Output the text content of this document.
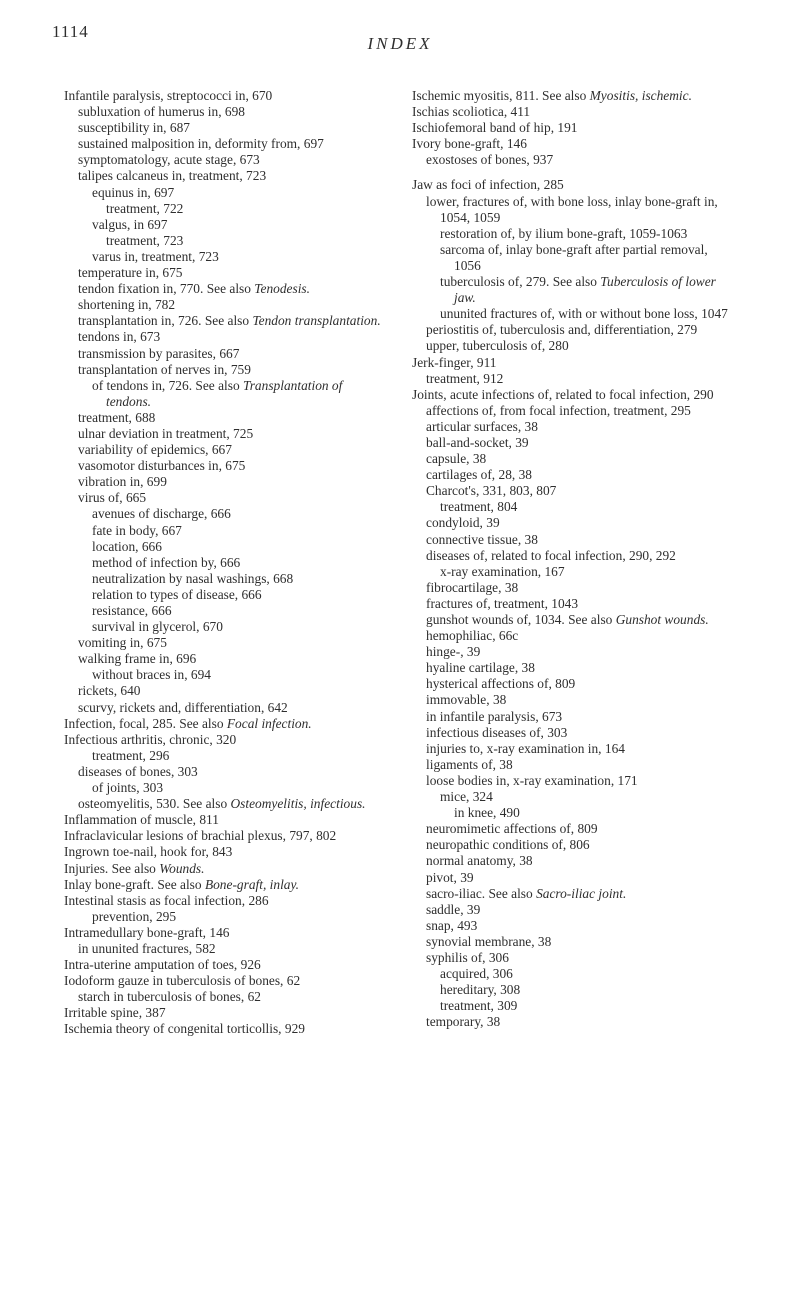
1114
INDEX

Infantile paralysis, streptococci in, 670

subluxation of humerus in, 698

susceptibility in, 687

sustained malposition in, deformity from, 697

symptomatology, acute stage, 673

talipes calcaneus in, treatment, 723

equinus in, 697

treatment, 722

valgus, in 697

treatment, 723

varus in, treatment, 723

temperature in, 675

tendon fixation in, 770. See also Tenodesis.

shortening in, 782

transplantation in, 726. See also Tendon transplantation.

tendons in, 673

transmission by parasites, 667

transplantation of nerves in, 759

of tendons in, 726. See also Transplantation of tendons.

treatment, 688

ulnar deviation in treatment, 725

variability of epidemics, 667

vasomotor disturbances in, 675

vibration in, 699

virus of, 665

avenues of discharge, 666

fate in body, 667

location, 666

method of infection by, 666

neutralization by nasal washings, 668

relation to types of disease, 666

resistance, 666

survival in glycerol, 670

vomiting in, 675

walking frame in, 696

without braces in, 694

rickets, 640

scurvy, rickets and, differentiation, 642

Infection, focal, 285. See also Focal infection.

Infectious arthritis, chronic, 320

treatment, 296

diseases of bones, 303

of joints, 303

osteomyelitis, 530. See also Osteomyelitis, infectious.

Inflammation of muscle, 811

Infraclavicular lesions of brachial plexus, 797, 802

Ingrown toe-nail, hook for, 843

Injuries. See also Wounds.

Inlay bone-graft. See also Bone-graft, inlay.

Intestinal stasis as focal infection, 286

prevention, 295

Intramedullary bone-graft, 146

in ununited fractures, 582

Intra-uterine amputation of toes, 926

Iodoform gauze in tuberculosis of bones, 62

starch in tuberculosis of bones, 62

Irritable spine, 387

Ischemia theory of congenital torticollis, 929

Ischemic myositis, 811. See also Myositis, ischemic.

Ischias scoliotica, 411

Ischiofemoral band of hip, 191

Ivory bone-graft, 146

exostoses of bones, 937

Jaw as foci of infection, 285

lower, fractures of, with bone loss, inlay bone-graft in, 1054, 1059

restoration of, by ilium bone-graft, 1059-1063

sarcoma of, inlay bone-graft after partial removal, 1056

tuberculosis of, 279. See also Tuberculosis of lower jaw.

ununited fractures of, with or without bone loss, 1047

periostitis of, tuberculosis and, differentiation, 279

upper, tuberculosis of, 280

Jerk-finger, 911

treatment, 912

Joints, acute infections of, related to focal infection, 290

affections of, from focal infection, treatment, 295

articular surfaces, 38

ball-and-socket, 39

capsule, 38

cartilages of, 28, 38

Charcot's, 331, 803, 807

treatment, 804

condyloid, 39

connective tissue, 38

diseases of, related to focal infection, 290, 292

x-ray examination, 167

fibrocartilage, 38

fractures of, treatment, 1043

gunshot wounds of, 1034. See also Gunshot wounds.

hemophiliac, 66c

hinge-, 39

hyaline cartilage, 38

hysterical affections of, 809

immovable, 38

in infantile paralysis, 673

infectious diseases of, 303

injuries to, x-ray examination in, 164

ligaments of, 38

loose bodies in, x-ray examination, 171

mice, 324

in knee, 490

neuromimetic affections of, 809

neuropathic conditions of, 806

normal anatomy, 38

pivot, 39

sacro-iliac. See also Sacro-iliac joint.

saddle, 39

snap, 493

synovial membrane, 38

syphilis of, 306

acquired, 306

hereditary, 308

treatment, 309

temporary, 38
